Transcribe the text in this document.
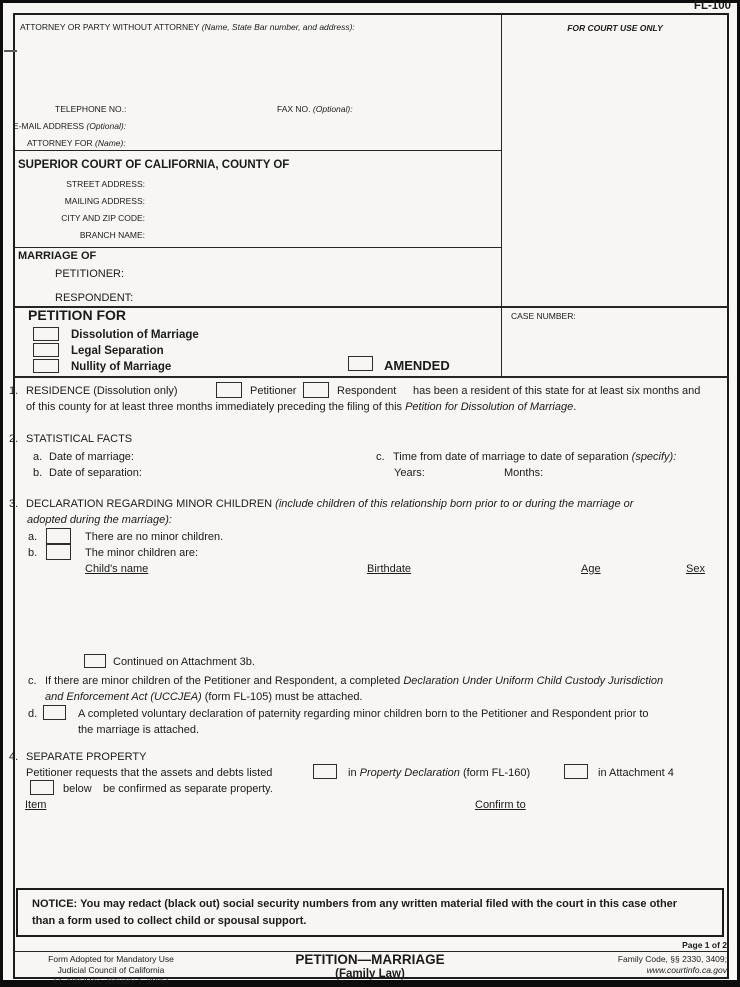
FL-100
ATTORNEY OR PARTY WITHOUT ATTORNEY (Name, State Bar number, and address):
TELEPHONE NO.:	FAX NO. (Optional):
E-MAIL ADDRESS (Optional):
ATTORNEY FOR (Name):
FOR COURT USE ONLY
SUPERIOR COURT OF CALIFORNIA, COUNTY OF
STREET ADDRESS:
MAILING ADDRESS:
CITY AND ZIP CODE:
BRANCH NAME:
MARRIAGE OF
PETITIONER:
RESPONDENT:
PETITION FOR
Dissolution of Marriage
Legal Separation
Nullity of Marriage	AMENDED
CASE NUMBER:
1. RESIDENCE (Dissolution only)	Petitioner	Respondent has been a resident of this state for at least six months and
of this county for at least three months immediately preceding the filing of this Petition for Dissolution of Marriage.
2. STATISTICAL FACTS
a. Date of marriage:
b. Date of separation:
c. Time from date of marriage to date of separation (specify):
Years:	Months:
3. DECLARATION REGARDING MINOR CHILDREN (include children of this relationship born prior to or during the marriage or
adopted during the marriage):
a.	There are no minor children.
b.	The minor children are:
Child's name	Birthdate	Age	Sex
Continued on Attachment 3b.
c. If there are minor children of the Petitioner and Respondent, a completed Declaration Under Uniform Child Custody Jurisdiction
and Enforcement Act (UCCJEA) (form FL-105) must be attached.
d.	A completed voluntary declaration of paternity regarding minor children born to the Petitioner and Respondent prior to
the marriage is attached.
4. SEPARATE PROPERTY
Petitioner requests that the assets and debts listed	in Property Declaration (form FL-160)	in Attachment 4
below be confirmed as separate property.
Item	Confirm to
NOTICE: You may redact (black out) social security numbers from any written material filed with the court in this case other than a form used to collect child or spousal support.
Page 1 of 2
Form Adopted for Mandatory Use
Judicial Council of California
FL-100 [Rev. January 1, 2005]
PETITION—MARRIAGE
(Family Law)
Family Code, §§ 2330, 3409;
www.courtinfo.ca.gov
